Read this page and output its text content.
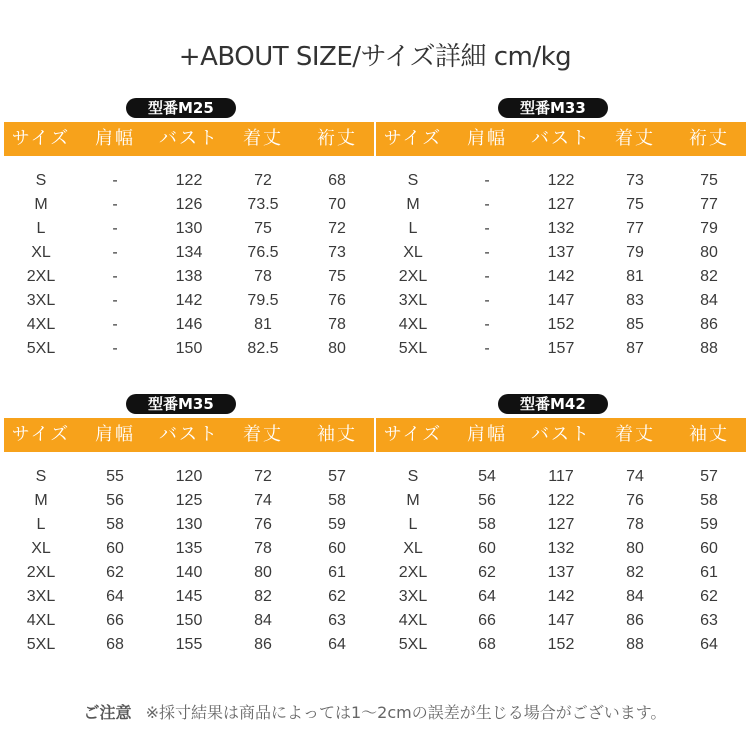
+ABOUT SIZE/サイズ詳細 cm/kg
型番M25
サイズ	肩幅	バスト	着丈	裄丈
S	-	122	72	68
M	-	126	73.5	70
L	-	130	75	72
XL	-	134	76.5	73
2XL	-	138	78	75
3XL	-	142	79.5	76
4XL	-	146	81	78
5XL	-	150	82.5	80
型番M33
サイズ	肩幅	バスト	着丈	裄丈
S	-	122	73	75
M	-	127	75	77
L	-	132	77	79
XL	-	137	79	80
2XL	-	142	81	82
3XL	-	147	83	84
4XL	-	152	85	86
5XL	-	157	87	88
型番M35
サイズ	肩幅	バスト	着丈	袖丈
S	55	120	72	57
M	56	125	74	58
L	58	130	76	59
XL	60	135	78	60
2XL	62	140	80	61
3XL	64	145	82	62
4XL	66	150	84	63
5XL	68	155	86	64
型番M42
サイズ	肩幅	バスト	着丈	袖丈
S	54	117	74	57
M	56	122	76	58
L	58	127	78	59
XL	60	132	80	60
2XL	62	137	82	61
3XL	64	142	84	62
4XL	66	147	86	63
5XL	68	152	88	64
ご注意 ※採寸結果は商品によっては1～2cmの誤差が生じる場合がございます。
